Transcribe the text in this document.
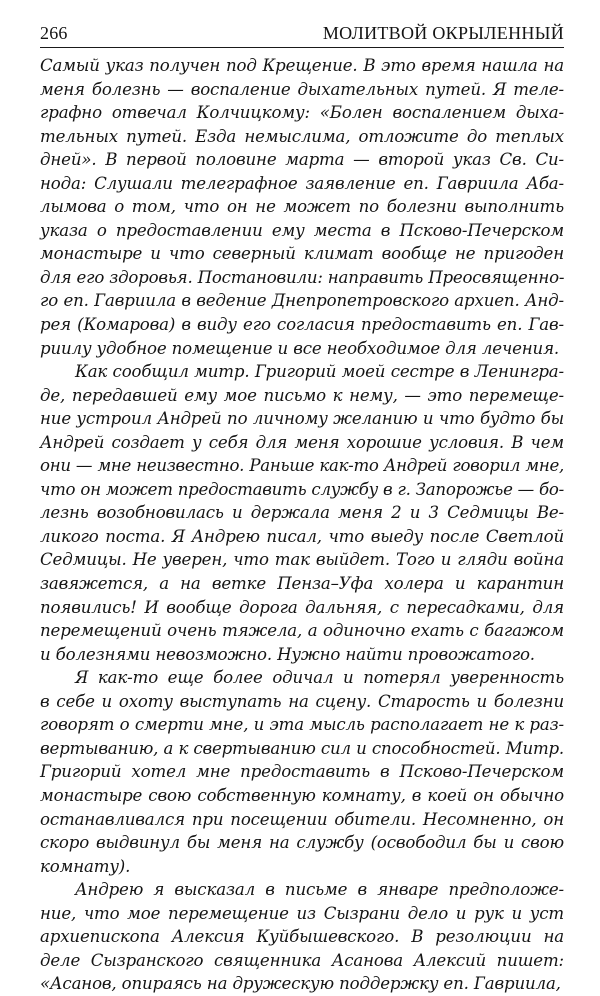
266	МОЛИТВОЙ ОКРЫЛЕННЫЙ
Самый указ получен под Крещение. В это время нашла на
меня болезнь — воспаление дыхательных путей. Я теле-
графно отвечал Колчицкому: «Болен воспалением дыха-
тельных путей. Езда немыслима, отложите до теплых
дней». В первой половине марта — второй указ Св. Си-
нода: Слушали телеграфное заявление еп. Гавриила Аба-
лымова о том, что он не может по болезни выполнить
указа о предоставлении ему места в Псково-Печерском
монастыре и что северный климат вообще не пригоден
для его здоровья. Постановили: направить Преосвященно-
го еп. Гавриила в ведение Днепропетровского архиеп. Анд-
рея (Комарова) в виду его согласия предоставить еп. Гав-
риилу удобное помещение и все необходимое для лечения.
Как сообщил митр. Григорий моей сестре в Ленингра-
де, передавшей ему мое письмо к нему, — это перемеще-
ние устроил Андрей по личному желанию и что будто бы
Андрей создает у себя для меня хорошие условия. В чем
они — мне неизвестно. Раньше как-то Андрей говорил мне,
что он может предоставить службу в г. Запорожье — бо-
лезнь возобновилась и держала меня 2 и 3 Седмицы Ве-
ликого поста. Я Андрею писал, что выеду после Светлой
Седмицы. Не уверен, что так выйдет. Того и гляди война
завяжется, а на ветке Пенза–Уфа холера и карантин
появились! И вообще дорога дальняя, с пересадками, для
перемещений очень тяжела, а одиночно ехать с багажом
и болезнями невозможно. Нужно найти провожатого.
Я как-то еще более одичал и потерял уверенность
в себе и охоту выступать на сцену. Старость и болезни
говорят о смерти мне, и эта мысль располагает не к раз-
вертыванию, а к свертыванию сил и способностей. Митр.
Григорий хотел мне предоставить в Псково-Печерском
монастыре свою собственную комнату, в коей он обычно
останавливался при посещении обители. Несомненно, он
скоро выдвинул бы меня на службу (освободил бы и свою
комнату).
Андрею я высказал в письме в январе предположе-
ние, что мое перемещение из Сызрани дело и рук и уст
архиепископа Алексия Куйбышевского. В резолюции на
деле Сызранского священника Асанова Алексий пишет:
«Асанов, опираясь на дружескую поддержку еп. Гавриила,
